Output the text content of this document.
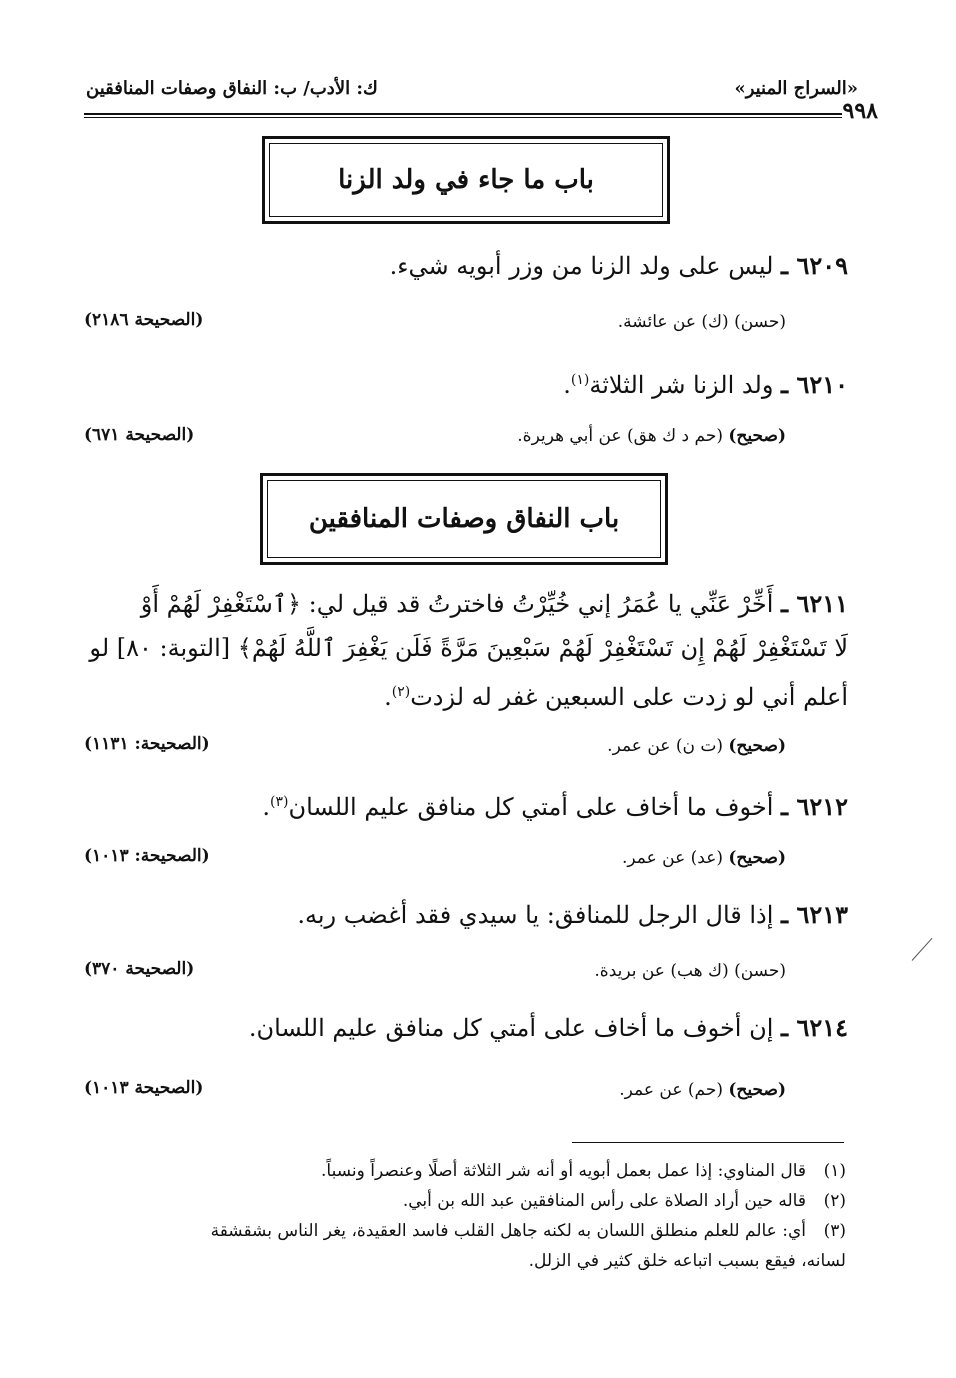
«السراج المنير»
ك: الأدب/ ب: النفاق وصفات المنافقين
٩٩٨
باب ما جاء في ولد الزنا
٦٢٠٩ ـ ليس على ولد الزنا من وزر أبويه شيء.
(حسن) (ك) عن عائشة.
(الصحيحة ٢١٨٦)
٦٢١٠ ـ ولد الزنا شر الثلاثة$^{(١)}$.
(صحيح) (حم د ك هق) عن أبي هريرة.
(الصحيحة ٦٧١)
باب النفاق وصفات المنافقين
٦٢١١ ـ أَخِّرْ عَنِّي يا عُمَرُ إني خُيِّرْتُ فاخترتُ قد قيل لي: ﴿ٱسْتَغْفِرْ لَهُمْ أَوْ
لَا تَسْتَغْفِرْ لَهُمْ إِن تَسْتَغْفِرْ لَهُمْ سَبْعِينَ مَرَّةً فَلَن يَغْفِرَ ٱللَّهُ لَهُمْ﴾ [التوبة: ٨٠] لو
أعلم أني لو زدت على السبعين غفر له لزدت$^{(٢)}$.
(صحيح) (ت ن) عن عمر.
(الصحيحة: ١١٣١)
٦٢١٢ ـ أخوف ما أخاف على أمتي كل منافق عليم اللسان$^{(٣)}$.
(صحيح) (عد) عن عمر.
(الصحيحة: ١٠١٣)
٦٢١٣ ـ إذا قال الرجل للمنافق: يا سيدي فقد أغضب ربه.
(حسن) (ك هب) عن بريدة.
(الصحيحة ٣٧٠)
٦٢١٤ ـ إن أخوف ما أخاف على أمتي كل منافق عليم اللسان.
(صحيح) (حم) عن عمر.
(الصحيحة ١٠١٣)
(١)قال المناوي: إذا عمل بعمل أبويه أو أنه شر الثلاثة أصلًا وعنصراً ونسباً.
(٢)قاله حين أراد الصلاة على رأس المنافقين عبد الله بن أبي.
(٣)أي: عالم للعلم منطلق اللسان به لكنه جاهل القلب فاسد العقيدة، يغر الناس بشقشقة
لسانه، فيقع بسبب اتباعه خلق كثير في الزلل.
